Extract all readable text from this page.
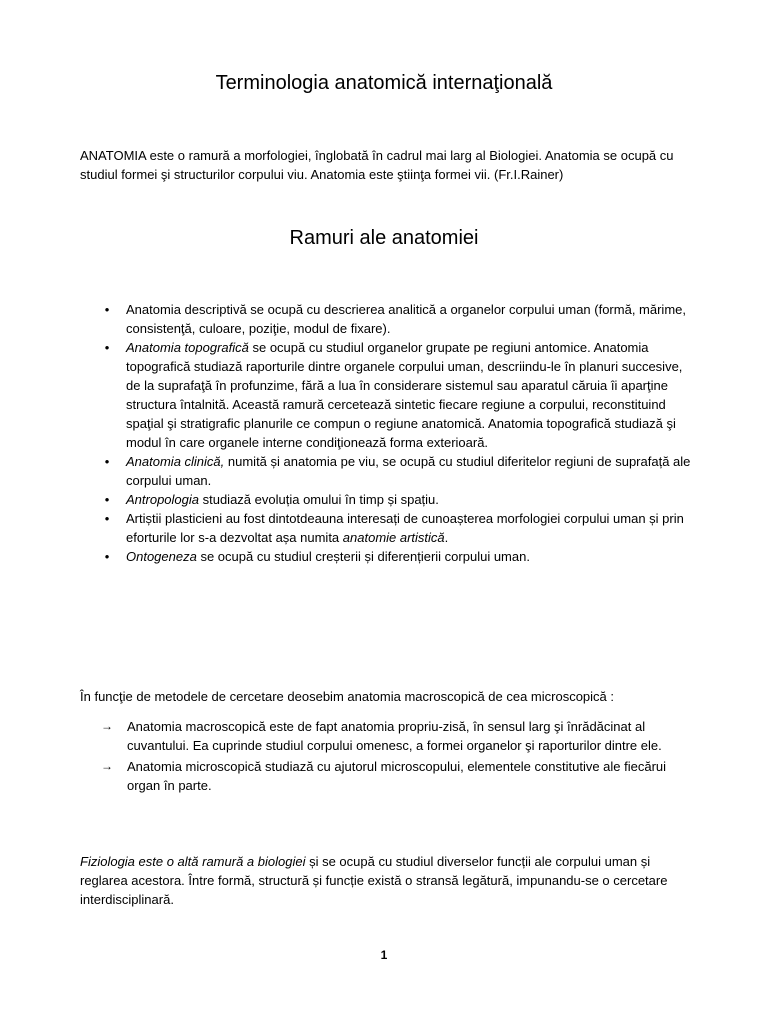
Terminologia anatomică internaţională

ANATOMIA este o ramură a morfologiei, înglobată în cadrul mai larg al Biologiei. Anatomia se ocupă cu studiul formei şi structurilor corpului viu. Anatomia este ştiinţa formei vii. (Fr.I.Rainer)

Ramuri ale anatomiei
•	Anatomia descriptivă se ocupă cu descrierea analitică a organelor corpului uman (formă, mărime, consistenţă, culoare, poziţie, modul de fixare).
•	Anatomia topografică se ocupă cu studiul organelor grupate pe regiuni antomice. Anatomia topografică studiază raporturile dintre organele corpului uman, descriindu-le în planuri succesive, de la suprafaţă în profunzime, fără a lua în considerare sistemul sau aparatul căruia îi aparţine structura întalnită. Această ramură cercetează sintetic fiecare regiune a corpului, reconstituind spaţial şi stratigrafic planurile ce compun o regiune anatomică. Anatomia topografică studiază şi modul în care organele interne condiţionează forma exterioară.
•	Anatomia clinică, numită și anatomia pe viu, se ocupă cu studiul diferitelor regiuni de suprafață ale corpului uman.
•	Antropologia studiază evoluția omului în timp și spațiu.
•	Artiștii plasticieni au fost dintotdeauna interesați de cunoașterea morfologiei corpului uman și prin eforturile lor s-a dezvoltat așa numita anatomie artistică.
•	Ontogeneza se ocupă cu studiul creșterii și diferențierii corpului uman.

În funcţie de metodele de cercetare deosebim anatomia macroscopică de cea microscopică :

→ Anatomia macroscopică este de fapt anatomia propriu-zisă, în sensul larg şi înrădăcinat al cuvantului. Ea cuprinde studiul corpului omenesc, a formei organelor şi raporturilor dintre ele.
→ Anatomia microscopică studiază cu ajutorul microscopului, elementele constitutive ale fiecărui organ în parte.

Fiziologia este o altă ramură a biologiei și se ocupă cu studiul diverselor funcții ale corpului uman și reglarea acestora. Între formă, structură și funcție există o stransă legătură, impunandu-se o cercetare interdisciplinară.

1
